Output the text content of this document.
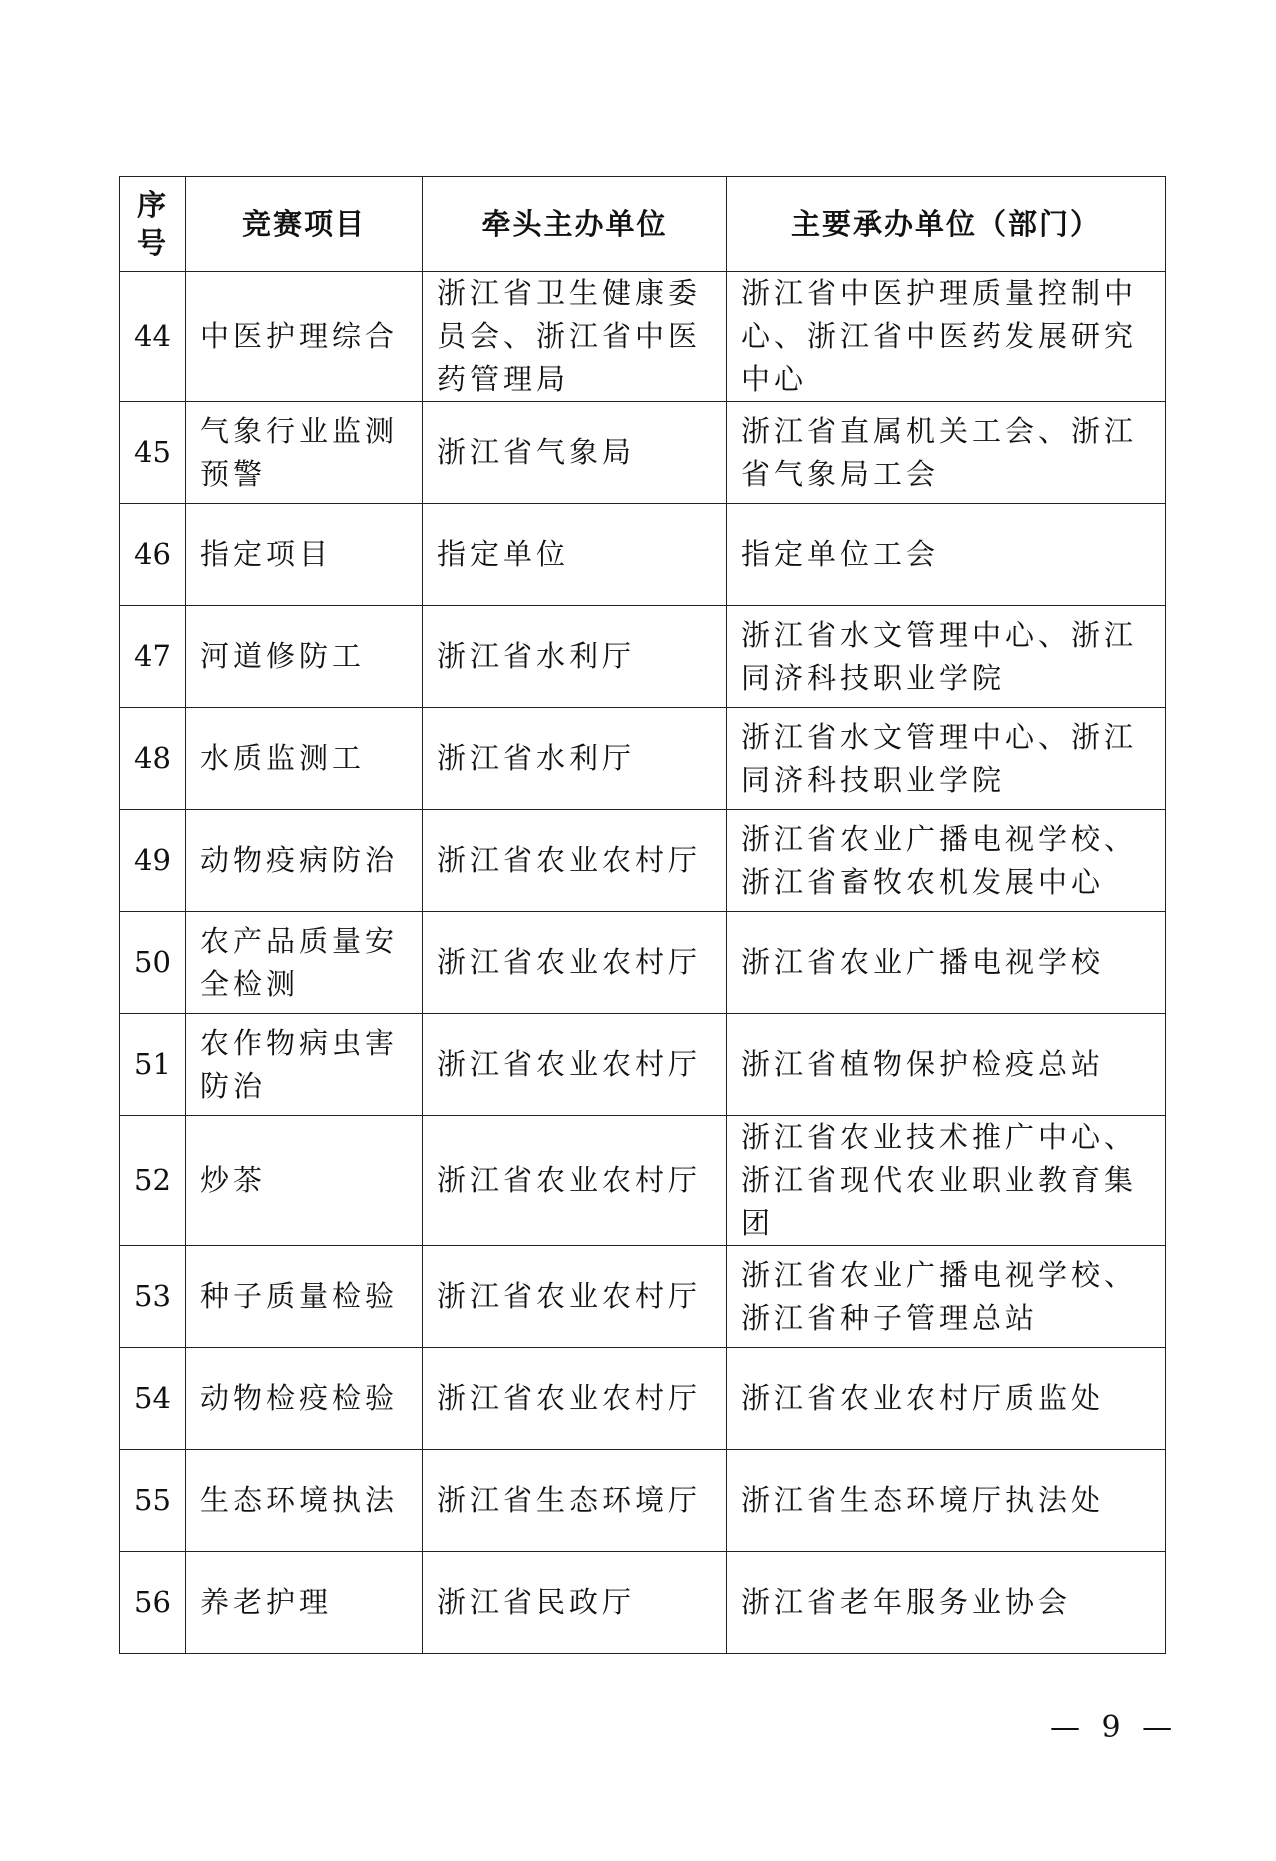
序号	竞赛项目	牵头主办单位	主要承办单位（部门）
44	中医护理综合	浙江省卫生健康委员会、浙江省中医药管理局	浙江省中医护理质量控制中心、浙江省中医药发展研究中心
45	气象行业监测预警	浙江省气象局	浙江省直属机关工会、浙江省气象局工会
46	指定项目	指定单位	指定单位工会
47	河道修防工	浙江省水利厅	浙江省水文管理中心、浙江同济科技职业学院
48	水质监测工	浙江省水利厅	浙江省水文管理中心、浙江同济科技职业学院
49	动物疫病防治	浙江省农业农村厅	浙江省农业广播电视学校、浙江省畜牧农机发展中心
50	农产品质量安全检测	浙江省农业农村厅	浙江省农业广播电视学校
51	农作物病虫害防治	浙江省农业农村厅	浙江省植物保护检疫总站
52	炒茶	浙江省农业农村厅	浙江省农业技术推广中心、浙江省现代农业职业教育集团
53	种子质量检验	浙江省农业农村厅	浙江省农业广播电视学校、浙江省种子管理总站
54	动物检疫检验	浙江省农业农村厅	浙江省农业农村厅质监处
55	生态环境执法	浙江省生态环境厅	浙江省生态环境厅执法处
56	养老护理	浙江省民政厅	浙江省老年服务业协会
— 9 —
